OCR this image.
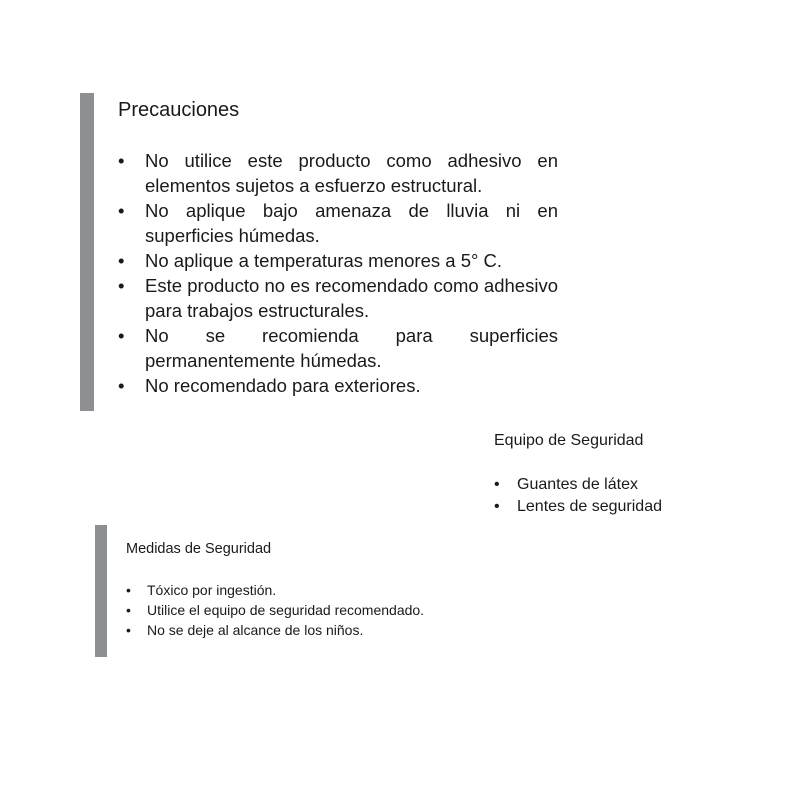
Precauciones
• No utilice este producto como adhesivo en elementos sujetos a esfuerzo estructural.
• No aplique bajo amenaza de lluvia ni en superficies húmedas.
• No aplique a temperaturas menores a 5° C.
• Este producto no es recomendado como adhesivo para trabajos estructurales.
• No se recomienda para superficies permanentemente húmedas.
• No recomendado para exteriores.
Equipo de Seguridad
• Guantes de látex
• Lentes de seguridad
Medidas de Seguridad
• Tóxico por ingestión.
• Utilice el equipo de seguridad recomendado.
• No se deje al alcance de los niños.
